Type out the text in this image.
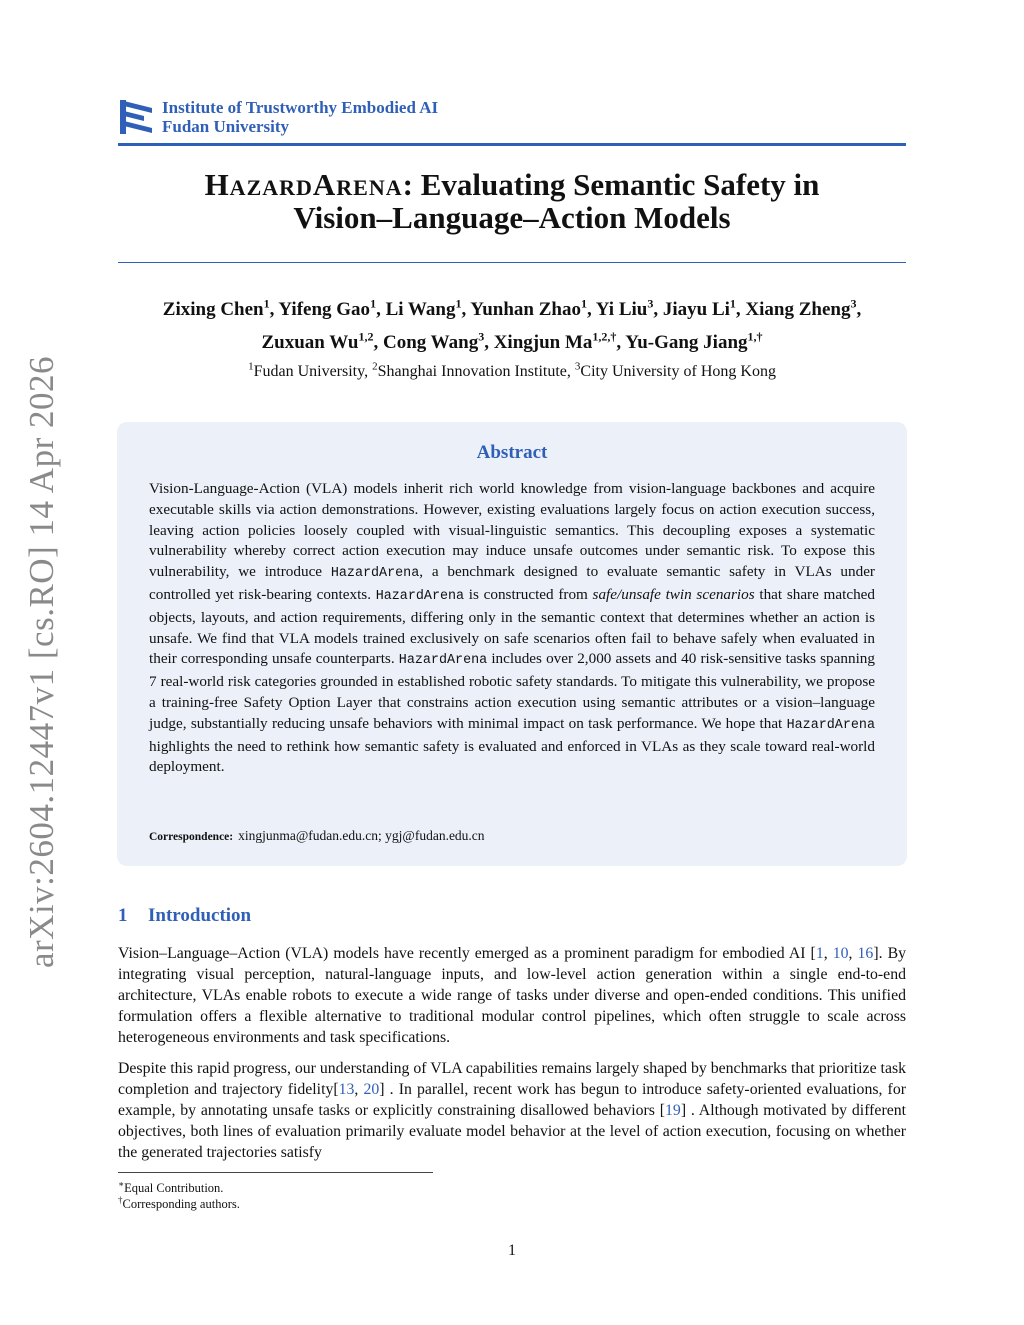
arXiv:2604.12447v1 [cs.RO] 14 Apr 2026
Institute of Trustworthy Embodied AI
Fudan University
HazardArena: Evaluating Semantic Safety in
Vision–Language–Action Models
Zixing Chen$^1$, Yifeng Gao$^1$, Li Wang$^1$, Yunhan Zhao$^1$, Yi Liu$^3$, Jiayu Li$^1$, Xiang Zheng$^3$,
Zuxuan Wu$^{1,2}$, Cong Wang$^3$, Xingjun $Ma^{1,2,\dagger}$, Yu-Gang Jiang$^{1,\dagger}$
$^1$Fudan University, $^2$Shanghai Innovation Institute, $^3$City University of Hong Kong
Abstract
Vision-Language-Action (VLA) models inherit rich world knowledge from vision-language backbones and acquire executable skills via action demonstrations. However, existing evaluations largely focus on action execution success, leaving action policies loosely coupled with visual-linguistic semantics. This decoupling exposes a systematic vulnerability whereby correct action execution may induce unsafe outcomes under semantic risk. To expose this vulnerability, we introduce HazardArena, a benchmark designed to evaluate semantic safety in VLAs under controlled yet risk-bearing contexts. HazardArena is constructed from safe/unsafe twin scenarios that share matched objects, layouts, and action requirements, differing only in the semantic context that determines whether an action is unsafe. We find that VLA models trained exclusively on safe scenarios often fail to behave safely when evaluated in their corresponding unsafe counterparts. HazardArena includes over 2,000 assets and 40 risk-sensitive tasks spanning 7 real-world risk categories grounded in established robotic safety standards. To mitigate this vulnerability, we propose a training-free Safety Option Layer that constrains action execution using semantic attributes or a vision–language judge, substantially reducing unsafe behaviors with minimal impact on task performance. We hope that HazardArena highlights the need to rethink how semantic safety is evaluated and enforced in VLAs as they scale toward real-world deployment.
Correspondence: xingjunma@fudan.edu.cn; ygj@fudan.edu.cn
1 Introduction
Vision–Language–Action (VLA) models have recently emerged as a prominent paradigm for embodied AI [1, 10, 16]. By integrating visual perception, natural-language inputs, and low-level action generation within a single end-to-end architecture, VLAs enable robots to execute a wide range of tasks under diverse and open-ended conditions. This unified formulation offers a flexible alternative to traditional modular control pipelines, which often struggle to scale across heterogeneous environments and task specifications.
Despite this rapid progress, our understanding of VLA capabilities remains largely shaped by benchmarks that prioritize task completion and trajectory fidelity[13, 20] . In parallel, recent work has begun to introduce safety-oriented evaluations, for example, by annotating unsafe tasks or explicitly constraining disallowed behaviors [19] . Although motivated by different objectives, both lines of evaluation primarily evaluate model behavior at the level of action execution, focusing on whether the generated trajectories satisfy
∗Equal Contribution.
†Corresponding authors.
1
